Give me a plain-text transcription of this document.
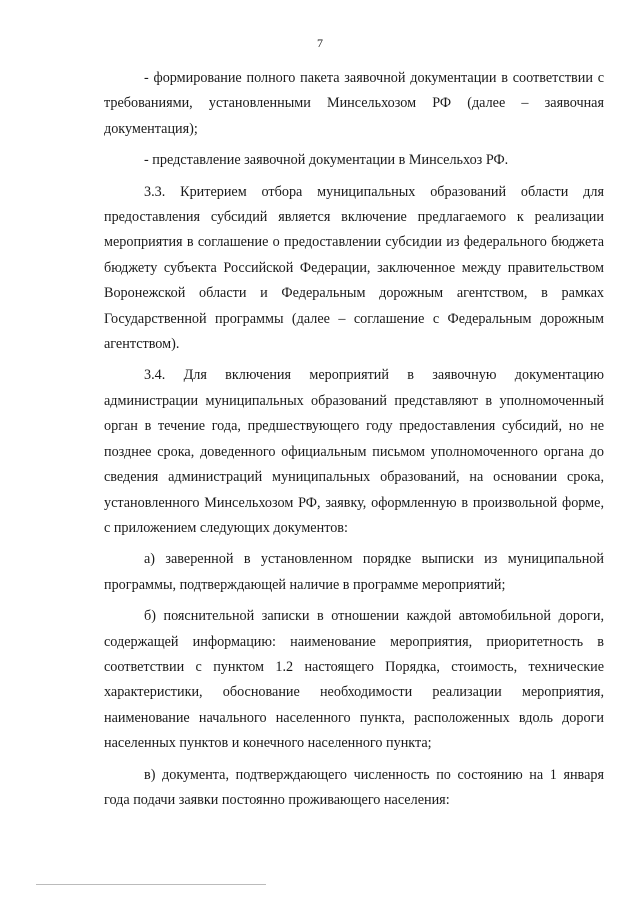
7

- формирование полного пакета заявочной документации в соответствии с требованиями, установленными Минсельхозом РФ (далее – заявочная документация);

- представление заявочной документации в Минсельхоз РФ.

3.3. Критерием отбора муниципальных образований области для предоставления субсидий является включение предлагаемого к реализации мероприятия в соглашение о предоставлении субсидии из федерального бюджета бюджету субъекта Российской Федерации, заключенное между правительством Воронежской области и Федеральным дорожным агентством, в рамках Государственной программы (далее – соглашение с Федеральным дорожным агентством).

3.4. Для включения мероприятий в заявочную документацию администрации муниципальных образований представляют в уполномоченный орган в течение года, предшествующего году предоставления субсидий, но не позднее срока, доведенного официальным письмом уполномоченного органа до сведения администраций муниципальных образований, на основании срока, установленного Минсельхозом РФ, заявку, оформленную в произвольной форме, с приложением следующих документов:

а) заверенной в установленном порядке выписки из муниципальной программы, подтверждающей наличие в программе мероприятий;

б) пояснительной записки в отношении каждой автомобильной дороги, содержащей информацию: наименование мероприятия, приоритетность в соответствии с пунктом 1.2 настоящего Порядка, стоимость, технические характеристики, обоснование необходимости реализации мероприятия, наименование начального населенного пункта, расположенных вдоль дороги населенных пунктов и конечного населенного пункта;

в) документа, подтверждающего численность по состоянию на 1 января года подачи заявки постоянно проживающего населения:
